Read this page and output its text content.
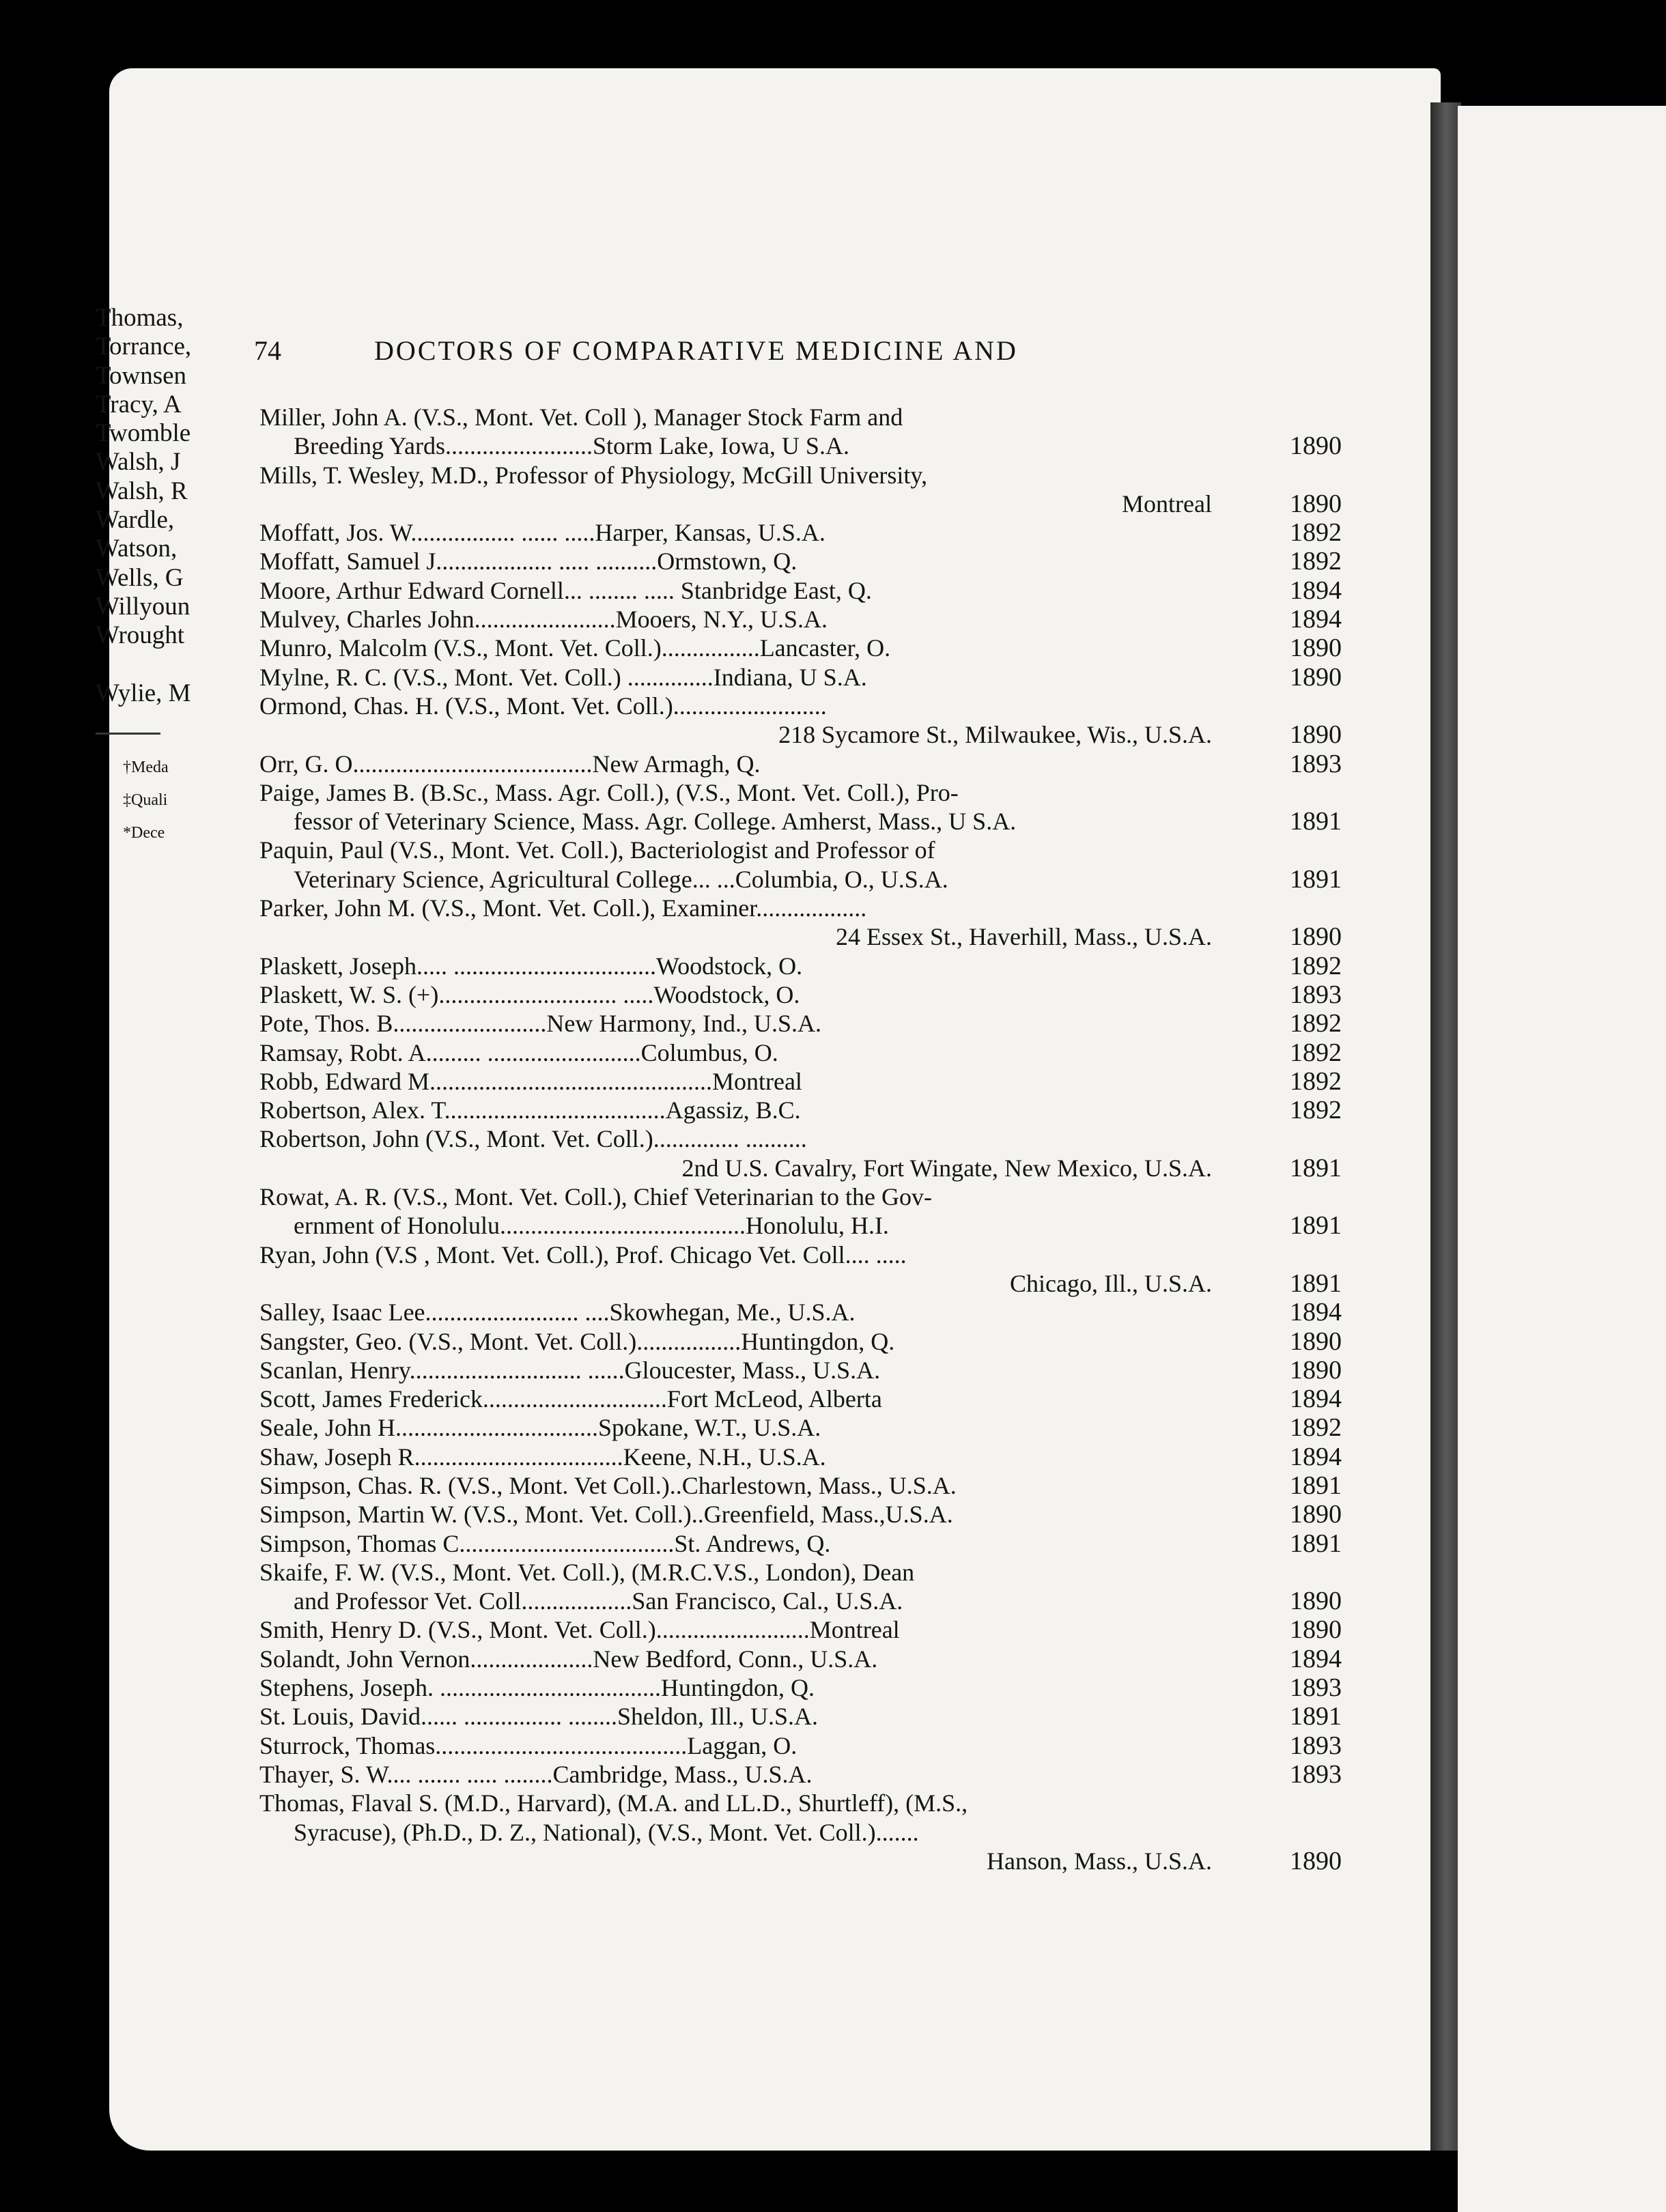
74	DOCTORS OF COMPARATIVE MEDICINE AND
Miller, John A. (V.S., Mont. Vet. Coll ), Manager Stock Farm and
Breeding Yards........................Storm Lake, Iowa, U S.A.	1890
Mills, T. Wesley, M.D., Professor of Physiology, McGill University,
Montreal	1890
Moffatt, Jos. W................. ...... .....Harper, Kansas, U.S.A.	1892
Moffatt, Samuel J................... ..... ..........Ormstown, Q.	1892
Moore, Arthur Edward Cornell... ........ ..... Stanbridge East, Q.	1894
Mulvey, Charles John.......................Mooers, N.Y., U.S.A.	1894
Munro, Malcolm (V.S., Mont. Vet. Coll.)................Lancaster, O.	1890
Mylne, R. C. (V.S., Mont. Vet. Coll.) ..............Indiana, U S.A.	1890
Ormond, Chas. H. (V.S., Mont. Vet. Coll.).........................
218 Sycamore St., Milwaukee, Wis., U.S.A.	1890
Orr, G. O.......................................New Armagh, Q.	1893
Paige, James B. (B.Sc., Mass. Agr. Coll.), (V.S., Mont. Vet. Coll.), Pro-
fessor of Veterinary Science, Mass. Agr. College. Amherst, Mass., U S.A.	1891
Paquin, Paul (V.S., Mont. Vet. Coll.), Bacteriologist and Professor of
Veterinary Science, Agricultural College... ...Columbia, O., U.S.A.	1891
Parker, John M. (V.S., Mont. Vet. Coll.), Examiner..................
24 Essex St., Haverhill, Mass., U.S.A.	1890
Plaskett, Joseph..... .................................Woodstock, O.	1892
Plaskett, W. S. (+)............................. .....Woodstock, O.	1893
Pote, Thos. B.........................New Harmony, Ind., U.S.A.	1892
Ramsay, Robt. A......... .........................Columbus, O.	1892
Robb, Edward M..............................................Montreal	1892
Robertson, Alex. T....................................Agassiz, B.C.	1892
Robertson, John (V.S., Mont. Vet. Coll.).............. ..........
2nd U.S. Cavalry, Fort Wingate, New Mexico, U.S.A.	1891
Rowat, A. R. (V.S., Mont. Vet. Coll.), Chief Veterinarian to the Gov-
ernment of Honolulu........................................Honolulu, H.I.	1891
Ryan, John (V.S , Mont. Vet. Coll.), Prof. Chicago Vet. Coll.... .....
Chicago, Ill., U.S.A.	1891
Salley, Isaac Lee......................... ....Skowhegan, Me., U.S.A.	1894
Sangster, Geo. (V.S., Mont. Vet. Coll.).................Huntingdon, Q.	1890
Scanlan, Henry............................ ......Gloucester, Mass., U.S.A.	1890
Scott, James Frederick..............................Fort McLeod, Alberta	1894
Seale, John H.................................Spokane, W.T., U.S.A.	1892
Shaw, Joseph R..................................Keene, N.H., U.S.A.	1894
Simpson, Chas. R. (V.S., Mont. Vet Coll.)..Charlestown, Mass., U.S.A.	1891
Simpson, Martin W. (V.S., Mont. Vet. Coll.)..Greenfield, Mass.,U.S.A.	1890
Simpson, Thomas C...................................St. Andrews, Q.	1891
Skaife, F. W. (V.S., Mont. Vet. Coll.), (M.R.C.V.S., London), Dean
and Professor Vet. Coll..................San Francisco, Cal., U.S.A.	1890
Smith, Henry D. (V.S., Mont. Vet. Coll.).........................Montreal	1890
Solandt, John Vernon....................New Bedford, Conn., U.S.A.	1894
Stephens, Joseph. ....................................Huntingdon, Q.	1893
St. Louis, David...... ................ ........Sheldon, Ill., U.S.A.	1891
Sturrock, Thomas.........................................Laggan, O.	1893
Thayer, S. W.... ....... ..... ........Cambridge, Mass., U.S.A.	1893
Thomas, Flaval S. (M.D., Harvard), (M.A. and LL.D., Shurtleff), (M.S.,
Syracuse), (Ph.D., D. Z., National), (V.S., Mont. Vet. Coll.).......
Hanson, Mass., U.S.A.	1890
Thomas,
Torrance,
Townsen
Tracy, A
Twomble
Walsh, J
Walsh, R
Wardle,
Watson,
Wells, G
Willyoun
Wrought
Wylie, M
†Meda
‡Quali
*Dece
